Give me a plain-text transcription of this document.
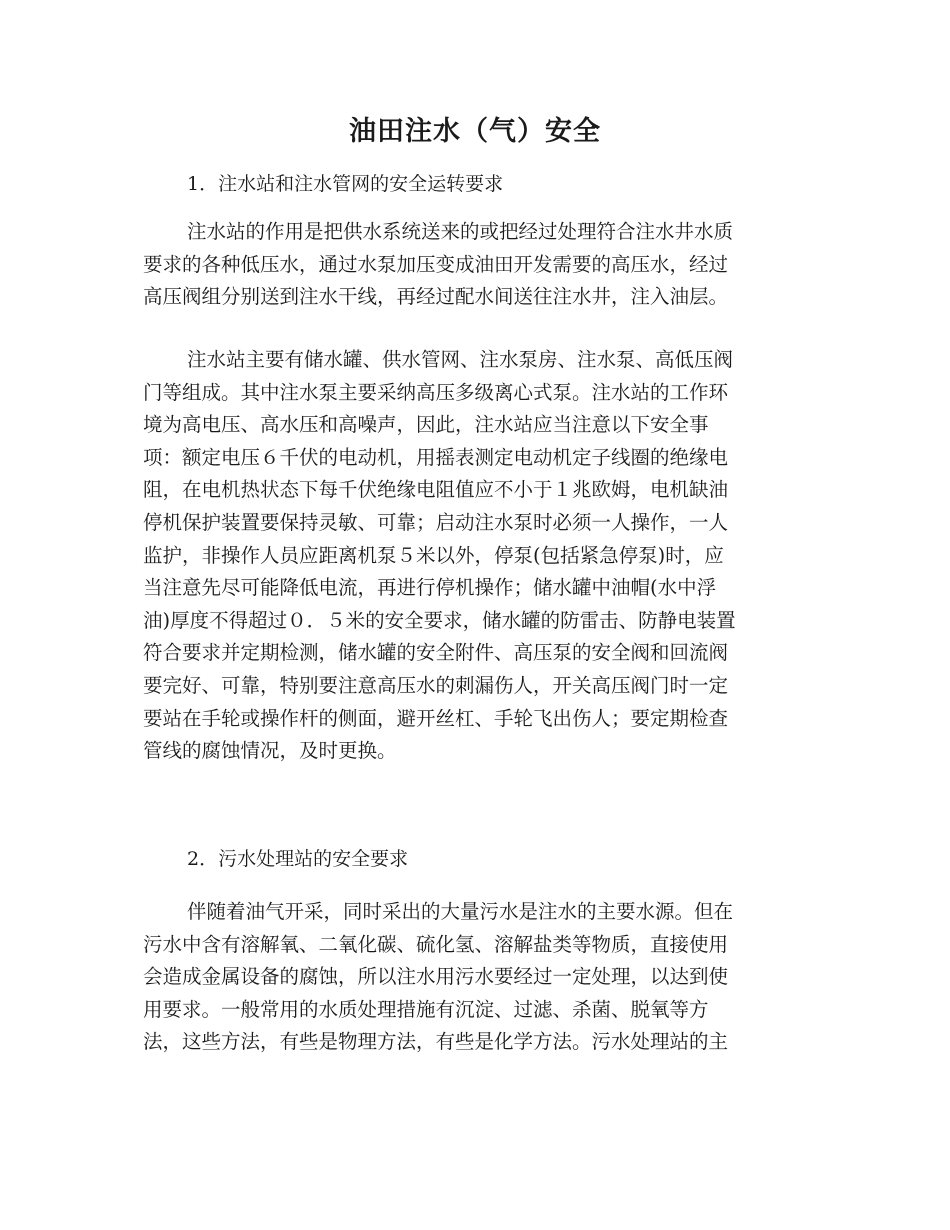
油田注水（气）安全

1．注水站和注水管网的安全运转要求

注水站的作用是把供水系统送来的或把经过处理符合注水井水质
要求的各种低压水，通过水泵加压变成油田开发需要的高压水，经过
高压阀组分别送到注水干线，再经过配水间送往注水井，注入油层。
注水站主要有储水罐、供水管网、注水泵房、注水泵、高低压阀
门等组成。其中注水泵主要采纳高压多级离心式泵。注水站的工作环
境为高电压、高水压和高噪声，因此，注水站应当注意以下安全事
项：额定电压６千伏的电动机，用摇表测定电动机定子线圈的绝缘电
阻，在电机热状态下每千伏绝缘电阻值应不小于１兆欧姆，电机缺油
停机保护装置要保持灵敏、可靠；启动注水泵时必须一人操作，一人
监护，非操作人员应距离机泵５米以外，停泵(包括紧急停泵)时，应
当注意先尽可能降低电流，再进行停机操作；储水罐中油帽(水中浮
油)厚度不得超过０．５米的安全要求，储水罐的防雷击、防静电装置
符合要求并定期检测，储水罐的安全附件、高压泵的安全阀和回流阀
要完好、可靠，特别要注意高压水的刺漏伤人，开关高压阀门时一定
要站在手轮或操作杆的侧面，避开丝杠、手轮飞出伤人；要定期检查
管线的腐蚀情况，及时更换。

2．污水处理站的安全要求

伴随着油气开采，同时采出的大量污水是注水的主要水源。但在
污水中含有溶解氧、二氧化碳、硫化氢、溶解盐类等物质，直接使用
会造成金属设备的腐蚀，所以注水用污水要经过一定处理，以达到使
用要求。一般常用的水质处理措施有沉淀、过滤、杀菌、脱氧等方
法，这些方法，有些是物理方法，有些是化学方法。污水处理站的主
